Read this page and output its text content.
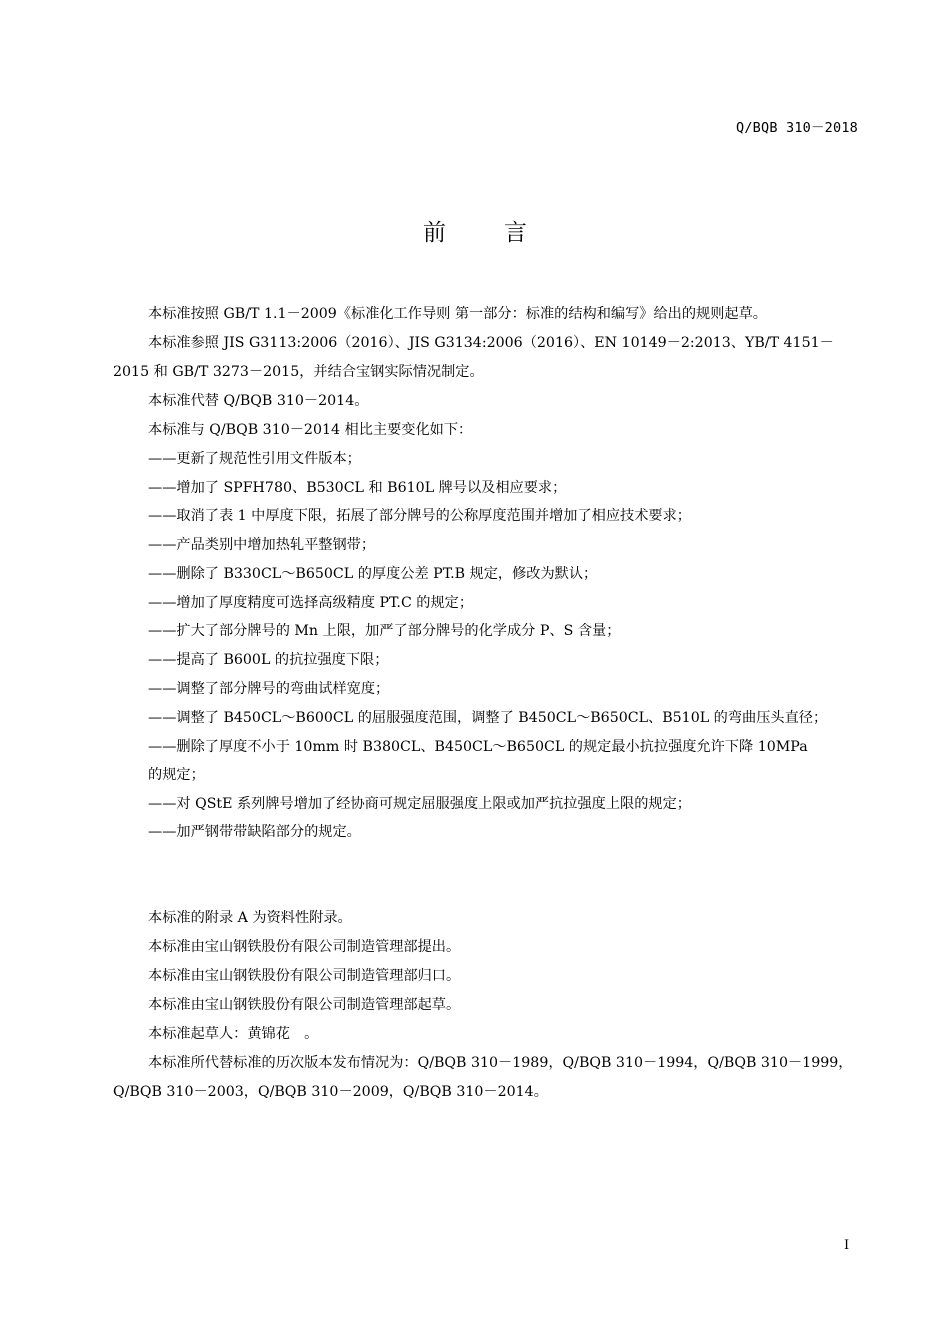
Q/BQB 310－2018
前言
本标准按照 GB/T 1.1－2009《标准化工作导则 第一部分：标准的结构和编写》给出的规则起草。
本标准参照 JIS G3113:2006（2016）、JIS G3134:2006（2016）、EN 10149－2:2013、YB/T 4151－
2015 和 GB/T 3273－2015，并结合宝钢实际情况制定。
本标准代替 Q/BQB 310－2014。
本标准与 Q/BQB 310－2014 相比主要变化如下：
——更新了规范性引用文件版本；
——增加了 SPFH780、B530CL 和 B610L 牌号以及相应要求；
——取消了表 1 中厚度下限，拓展了部分牌号的公称厚度范围并增加了相应技术要求；
——产品类别中增加热轧平整钢带；
——删除了 B330CL～B650CL 的厚度公差 PT.B 规定，修改为默认；
——增加了厚度精度可选择高级精度 PT.C 的规定；
——扩大了部分牌号的 Mn 上限，加严了部分牌号的化学成分 P、S 含量；
——提高了 B600L 的抗拉强度下限；
——调整了部分牌号的弯曲试样宽度；
——调整了 B450CL～B600CL 的屈服强度范围，调整了 B450CL～B650CL、B510L 的弯曲压头直径；
——删除了厚度不小于 10mm 时 B380CL、B450CL～B650CL 的规定最小抗拉强度允许下降 10MPa
的规定；
——对 QStE 系列牌号增加了经协商可规定屈服强度上限或加严抗拉强度上限的规定；
——加严钢带带缺陷部分的规定。
本标准的附录 A 为资料性附录。
本标准由宝山钢铁股份有限公司制造管理部提出。
本标准由宝山钢铁股份有限公司制造管理部归口。
本标准由宝山钢铁股份有限公司制造管理部起草。
本标准起草人：黄锦花　。
本标准所代替标准的历次版本发布情况为：Q/BQB 310－1989，Q/BQB 310－1994，Q/BQB 310－1999，
Q/BQB 310－2003，Q/BQB 310－2009，Q/BQB 310－2014。
I
